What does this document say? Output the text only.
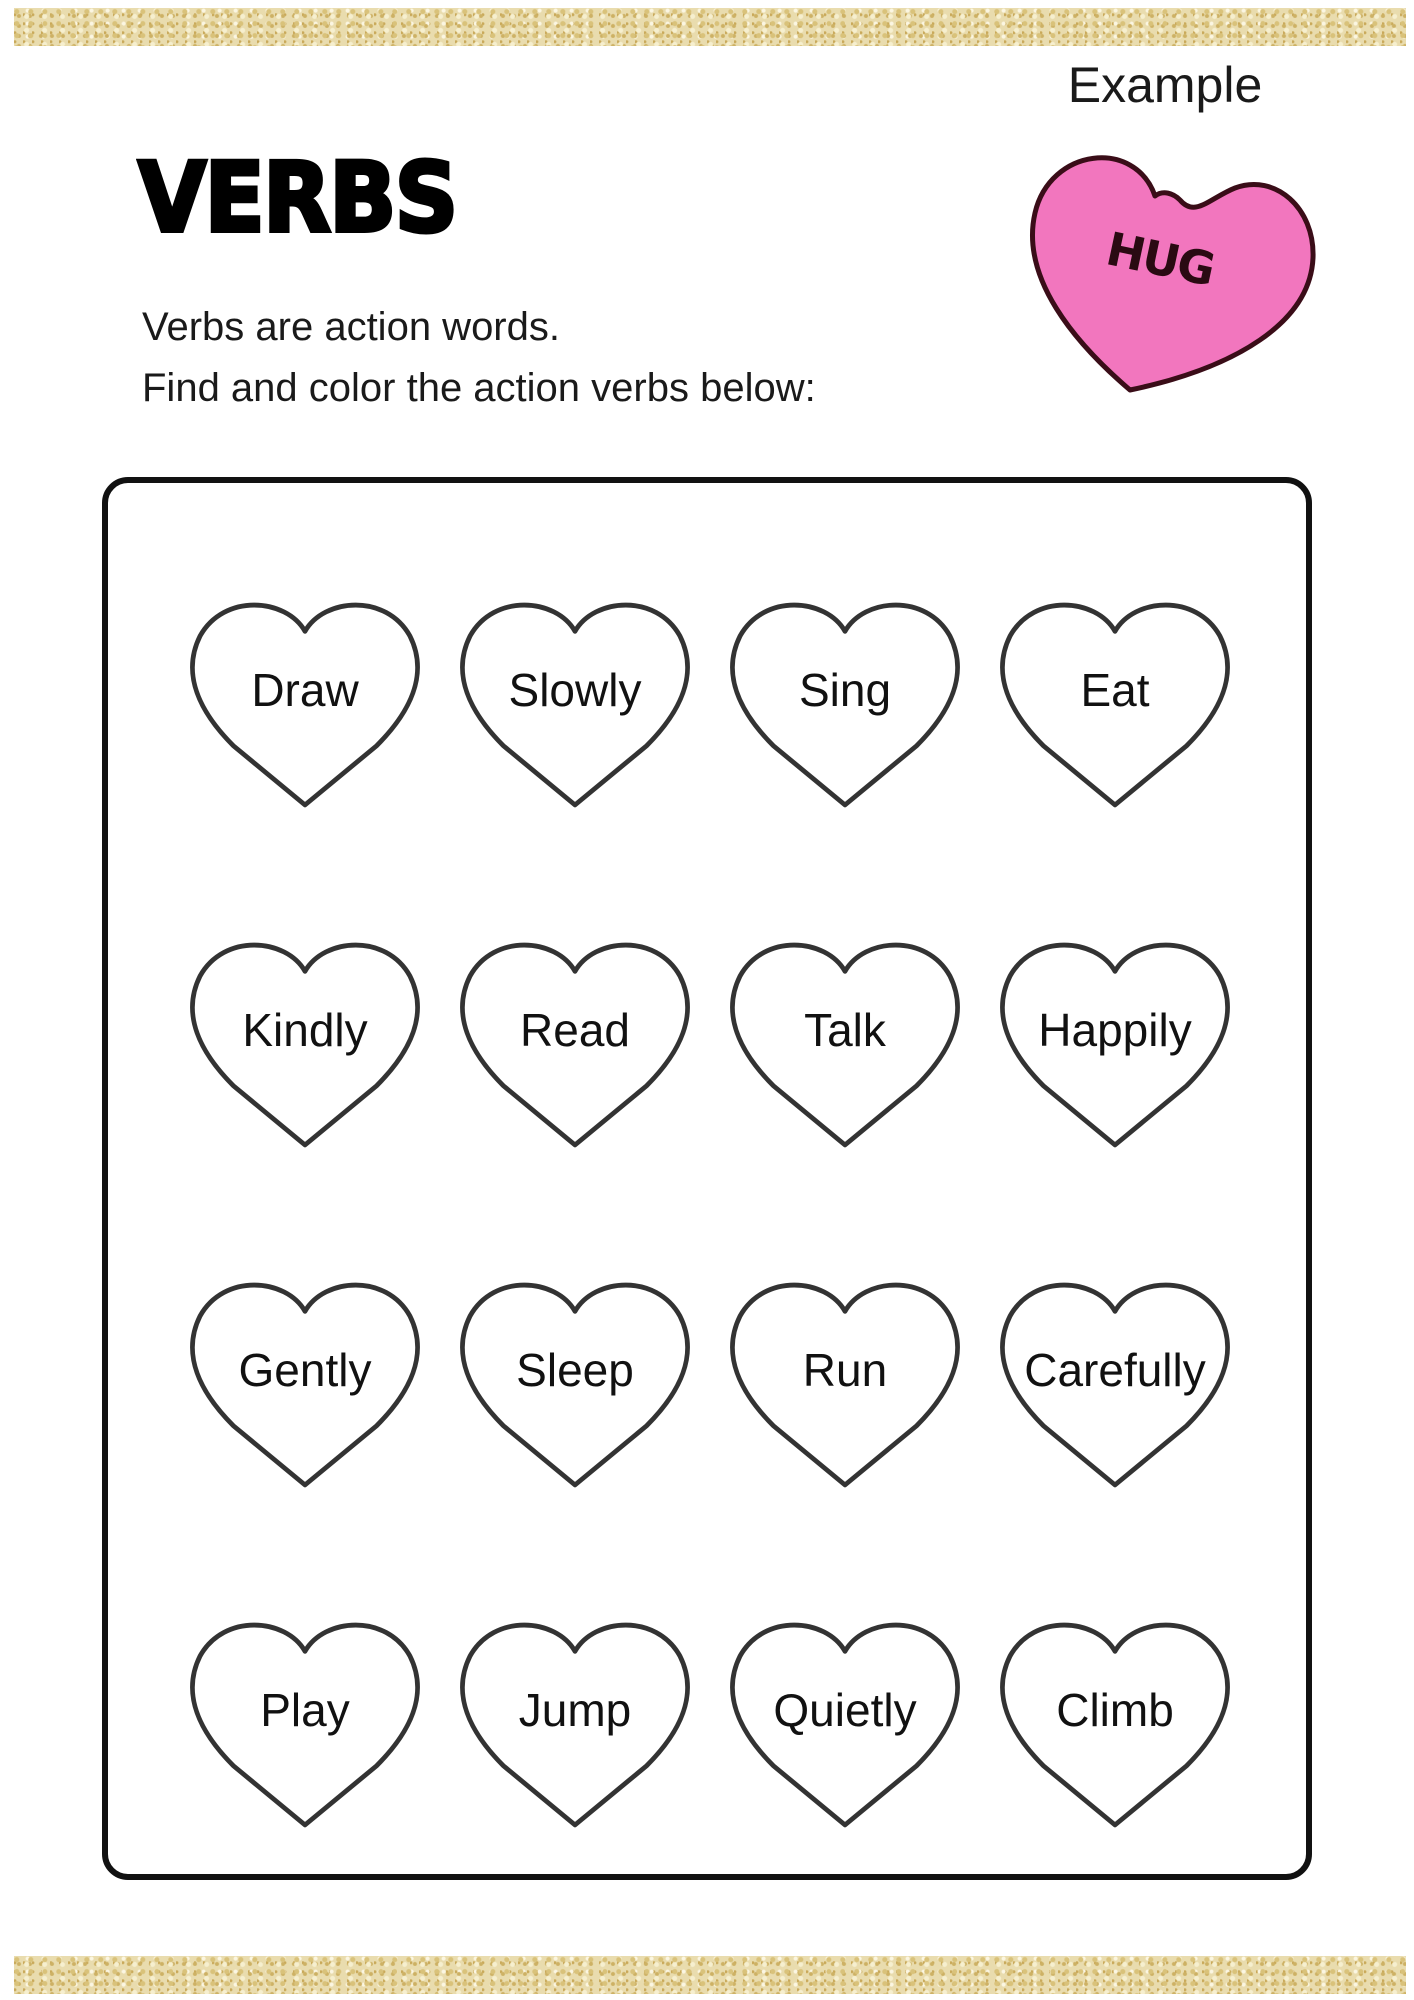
VERBS

Verbs are action words.

Find and color the action verbs below:

Example
HUG
Draw	Slowly	Sing	Eat
Kindly	Read	Talk	Happily
Gently	Sleep	Run	Carefully
Play	Jump	Quietly	Climb
